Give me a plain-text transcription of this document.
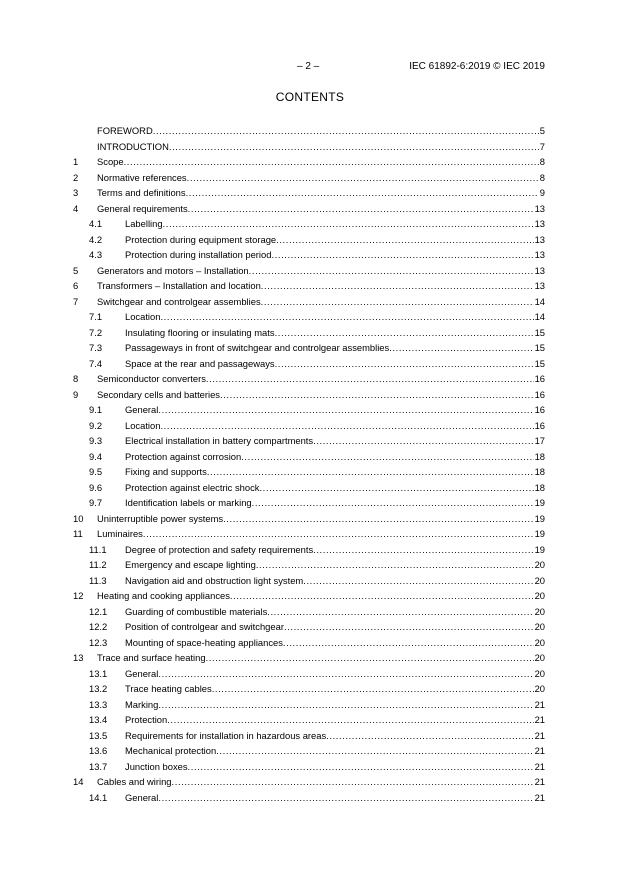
– 2 –	IEC 61892-6:2019 © IEC 2019
CONTENTS
FOREWORD .....	5
INTRODUCTION .....	7
1	Scope .....	8
2	Normative references .....	8
3	Terms and definitions .....	9
4	General requirements .....	13
4.1	Labelling .....	13
4.2	Protection during equipment storage .....	13
4.3	Protection during installation period .....	13
5	Generators and motors – Installation .....	13
6	Transformers – Installation and location .....	13
7	Switchgear and controlgear assemblies .....	14
7.1	Location .....	14
7.2	Insulating flooring or insulating mats .....	15
7.3	Passageways in front of switchgear and controlgear assemblies .....	15
7.4	Space at the rear and passageways .....	15
8	Semiconductor converters .....	16
9	Secondary cells and batteries .....	16
9.1	General .....	16
9.2	Location .....	16
9.3	Electrical installation in battery compartments .....	17
9.4	Protection against corrosion .....	18
9.5	Fixing and supports .....	18
9.6	Protection against electric shock .....	18
9.7	Identification labels or marking .....	19
10	Uninterruptible power systems .....	19
11	Luminaires .....	19
11.1	Degree of protection and safety requirements .....	19
11.2	Emergency and escape lighting .....	20
11.3	Navigation aid and obstruction light system .....	20
12	Heating and cooking appliances .....	20
12.1	Guarding of combustible materials .....	20
12.2	Position of controlgear and switchgear .....	20
12.3	Mounting of space-heating appliances .....	20
13	Trace and surface heating .....	20
13.1	General .....	20
13.2	Trace heating cables .....	20
13.3	Marking .....	21
13.4	Protection .....	21
13.5	Requirements for installation in hazardous areas .....	21
13.6	Mechanical protection .....	21
13.7	Junction boxes .....	21
14	Cables and wiring .....	21
14.1	General .....	21
